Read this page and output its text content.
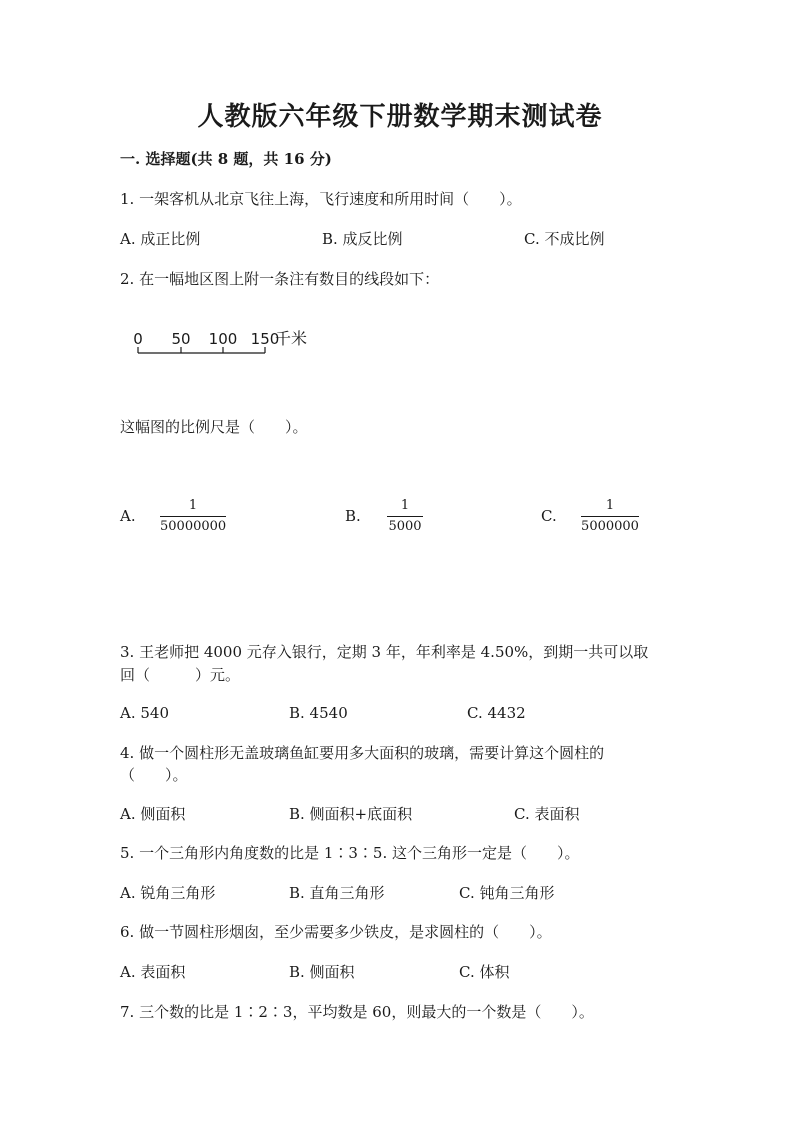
人教版六年级下册数学期末测试卷
一. 选择题(共 8 题，共 16 分)
1. 一架客机从北京飞往上海，飞行速度和所用时间（　　）。
A. 成正比例	B. 成反比例	C. 不成比例
2. 在一幅地区图上附一条注有数目的线段如下：
0 50 100 150
千米
这幅图的比例尺是（　　）。
A.
1
50000000
B.
1
5000
C.
1
5000000
3. 王老师把 4000 元存入银行，定期 3 年，年利率是 4.50%，到期一共可以取
回（　　　）元。
A. 540	B. 4540	C. 4432
4. 做一个圆柱形无盖玻璃鱼缸要用多大面积的玻璃，需要计算这个圆柱的
（　　）。
A. 侧面积	B. 侧面积+底面积	C. 表面积
5. 一个三角形内角度数的比是 1∶3∶5. 这个三角形一定是（　　）。
A. 锐角三角形	B. 直角三角形	C. 钝角三角形
6. 做一节圆柱形烟囱，至少需要多少铁皮，是求圆柱的（　　）。
A. 表面积	B. 侧面积	C. 体积
7. 三个数的比是 1∶2∶3，平均数是 60，则最大的一个数是（　　）。
